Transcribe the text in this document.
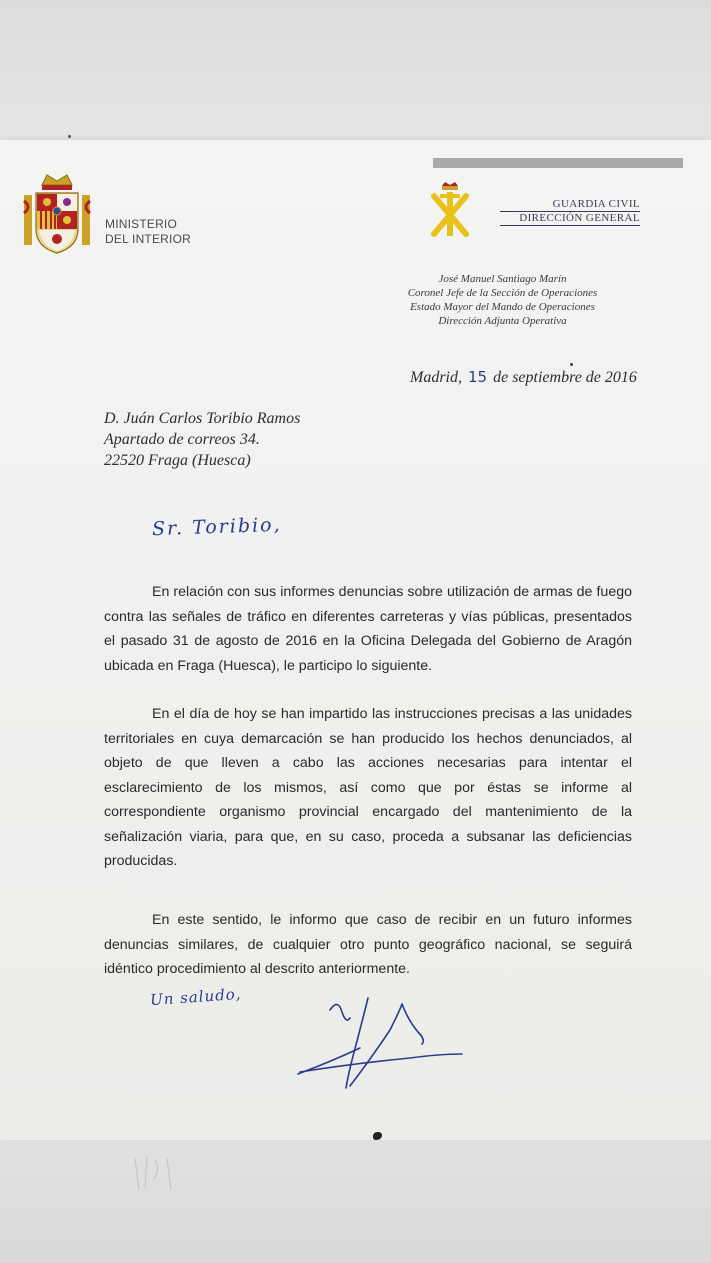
MINISTERIO
DEL INTERIOR
GUARDIA CIVIL
DIRECCIÓN GENERAL
José Manuel Santiago Marín
Coronel Jefe de la Sección de Operaciones
Estado Mayor del Mando de Operaciones
Dirección Adjunta Operativa
Madrid, 15 de septiembre de 2016
D. Juán Carlos Toribio Ramos
Apartado de correos 34.
22520 Fraga (Huesca)
Sr. Toribio,
En relación con sus informes denuncias sobre utilización de armas de fuego contra las señales de tráfico en diferentes carreteras y vías públicas, presentados el pasado 31 de agosto de 2016 en la Oficina Delegada del Gobierno de Aragón ubicada en Fraga (Huesca), le participo lo siguiente.
En el día de hoy se han impartido las instrucciones precisas a las unidades territoriales en cuya demarcación se han producido los hechos denunciados, al objeto de que lleven a cabo las acciones necesarias para intentar el esclarecimiento de los mismos, así como que por éstas se informe al correspondiente organismo provincial encargado del mantenimiento de la señalización viaria, para que, en su caso, proceda a subsanar las deficiencias producidas.
En este sentido, le informo que caso de recibir en un futuro informes denuncias similares, de cualquier otro punto geográfico nacional, se seguirá idéntico procedimiento al descrito anteriormente.
Un saludo,
